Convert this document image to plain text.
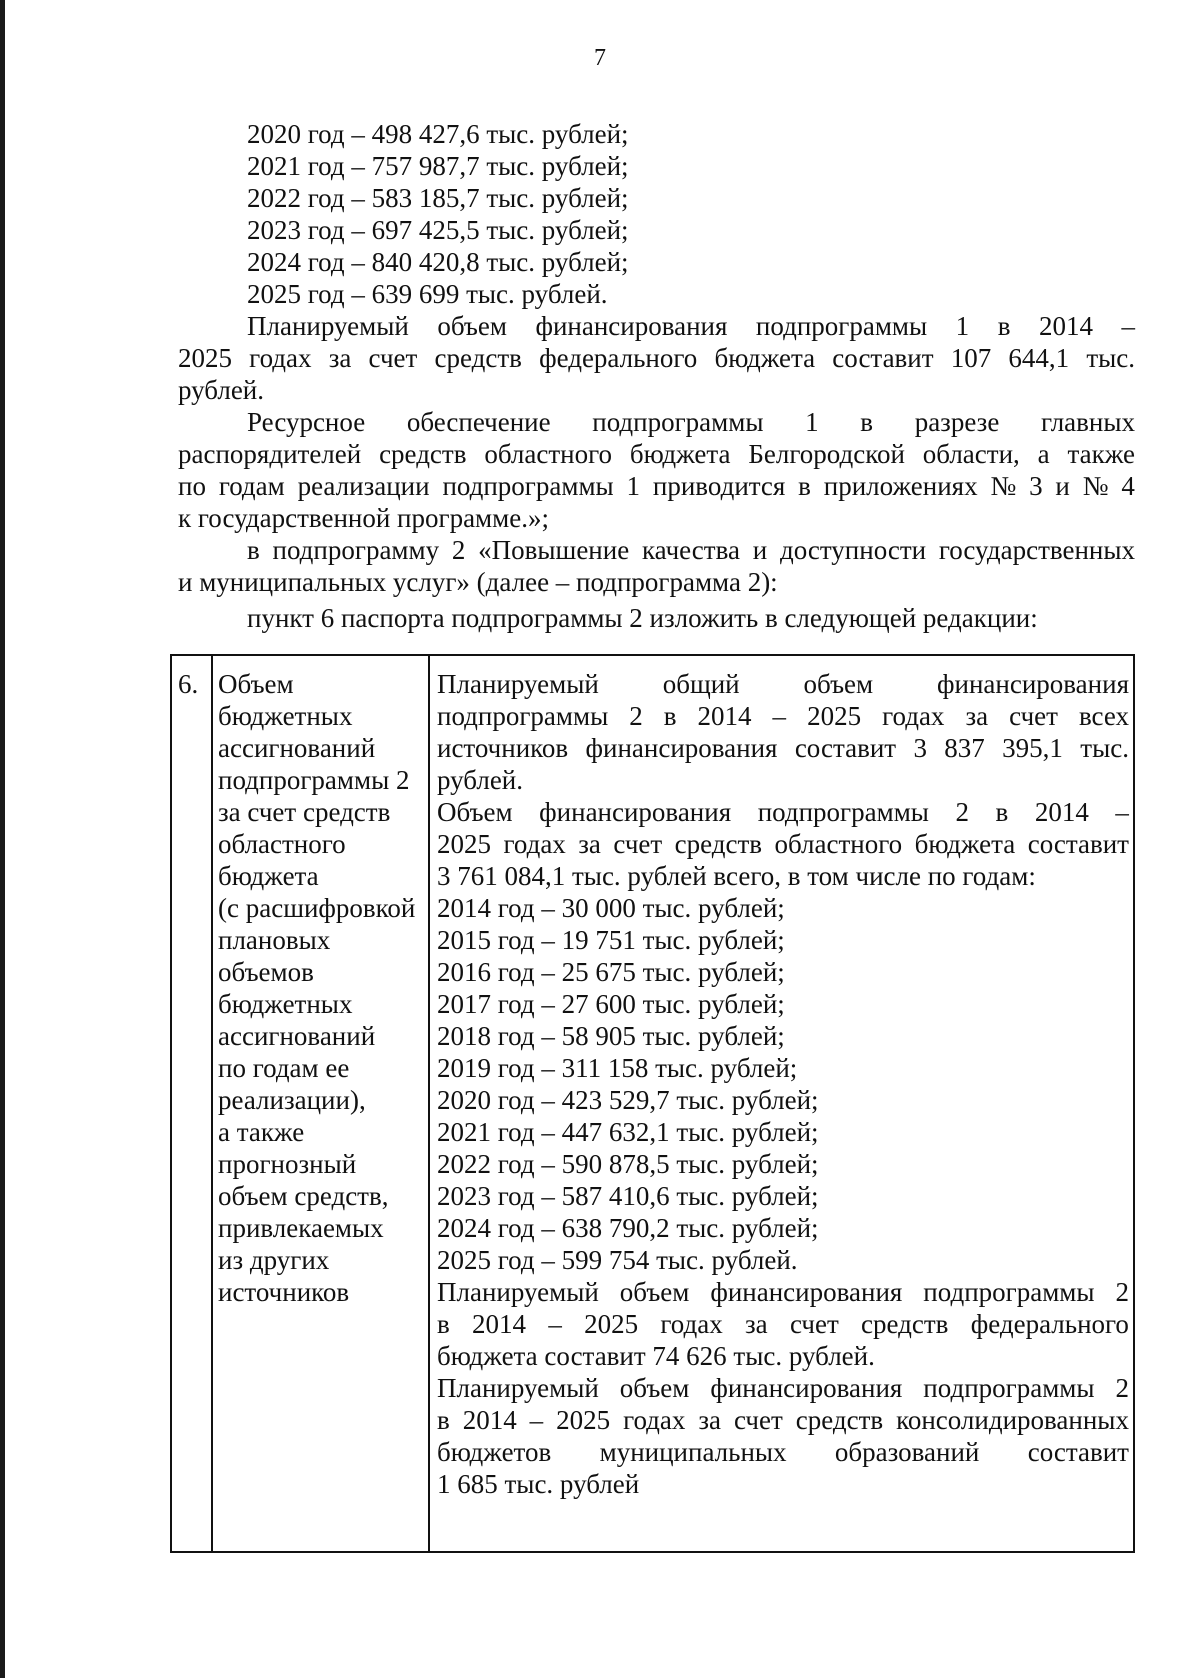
7
2020 год – 498 427,6 тыс. рублей;
2021 год – 757 987,7 тыс. рублей;
2022 год – 583 185,7 тыс. рублей;
2023 год – 697 425,5 тыс. рублей;
2024 год – 840 420,8 тыс. рублей;
2025 год – 639 699 тыс. рублей.
Планируемый объем финансирования подпрограммы 1 в 2014 –
2025 годах за счет средств федерального бюджета составит 107 644,1 тыс.
рублей.
Ресурсное обеспечение подпрограммы 1 в разрезе главных
распорядителей средств областного бюджета Белгородской области, а также
по годам реализации подпрограммы 1 приводится в приложениях № 3 и № 4
к государственной программе.»;
в подпрограмму 2 «Повышение качества и доступности государственных
и муниципальных услуг» (далее – подпрограмма 2):
пункт 6 паспорта подпрограммы 2 изложить в следующей редакции:
6. Объем
бюджетных
ассигнований
подпрограммы 2
за счет средств
областного
бюджета
(с расшифровкой
плановых
объемов
бюджетных
ассигнований
по годам ее
реализации),
а также
прогнозный
объем средств,
привлекаемых
из других
источников
Планируемый общий объем финансирования
подпрограммы 2 в 2014 – 2025 годах за счет всех
источников финансирования составит 3 837 395,1 тыс.
рублей.
Объем финансирования подпрограммы 2 в 2014 –
2025 годах за счет средств областного бюджета составит
3 761 084,1 тыс. рублей всего, в том числе по годам:
2014 год – 30 000 тыс. рублей;
2015 год – 19 751 тыс. рублей;
2016 год – 25 675 тыс. рублей;
2017 год – 27 600 тыс. рублей;
2018 год – 58 905 тыс. рублей;
2019 год – 311 158 тыс. рублей;
2020 год – 423 529,7 тыс. рублей;
2021 год – 447 632,1 тыс. рублей;
2022 год – 590 878,5 тыс. рублей;
2023 год – 587 410,6 тыс. рублей;
2024 год – 638 790,2 тыс. рублей;
2025 год – 599 754 тыс. рублей.
Планируемый объем финансирования подпрограммы 2
в 2014 – 2025 годах за счет средств федерального
бюджета составит 74 626 тыс. рублей.
Планируемый объем финансирования подпрограммы 2
в 2014 – 2025 годах за счет средств консолидированных
бюджетов муниципальных образований составит
1 685 тыс. рублей
